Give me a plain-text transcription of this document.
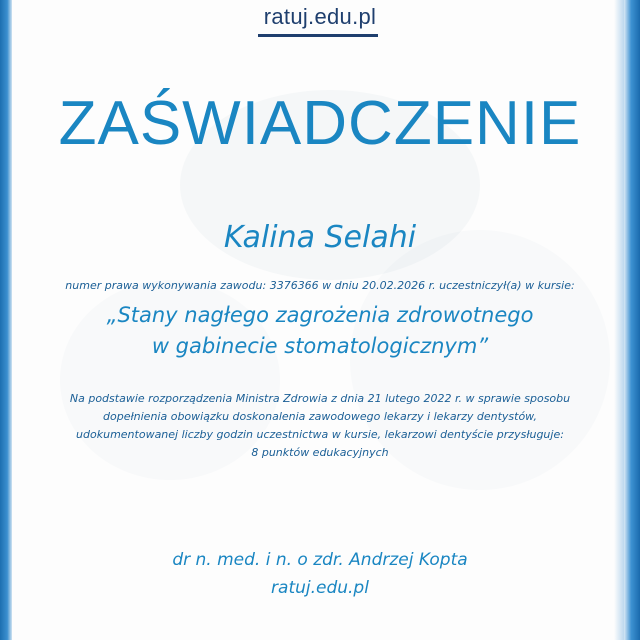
ratuj.edu.pl
ZAŚWIADCZENIE
Kalina Selahi
numer prawa wykonywania zawodu: 3376366 w dniu 20.02.2026 r. uczestniczył(a) w kursie:
„Stany nagłego zagrożenia zdrowotnego
w gabinecie stomatologicznym”
Na podstawie rozporządzenia Ministra Zdrowia z dnia 21 lutego 2022 r. w sprawie sposobu
dopełnienia obowiązku doskonalenia zawodowego lekarzy i lekarzy dentystów,
udokumentowanej liczby godzin uczestnictwa w kursie, lekarzowi dentyście przysługuje:
8 punktów edukacyjnych
dr n. med. i n. o zdr. Andrzej Kopta
ratuj.edu.pl
